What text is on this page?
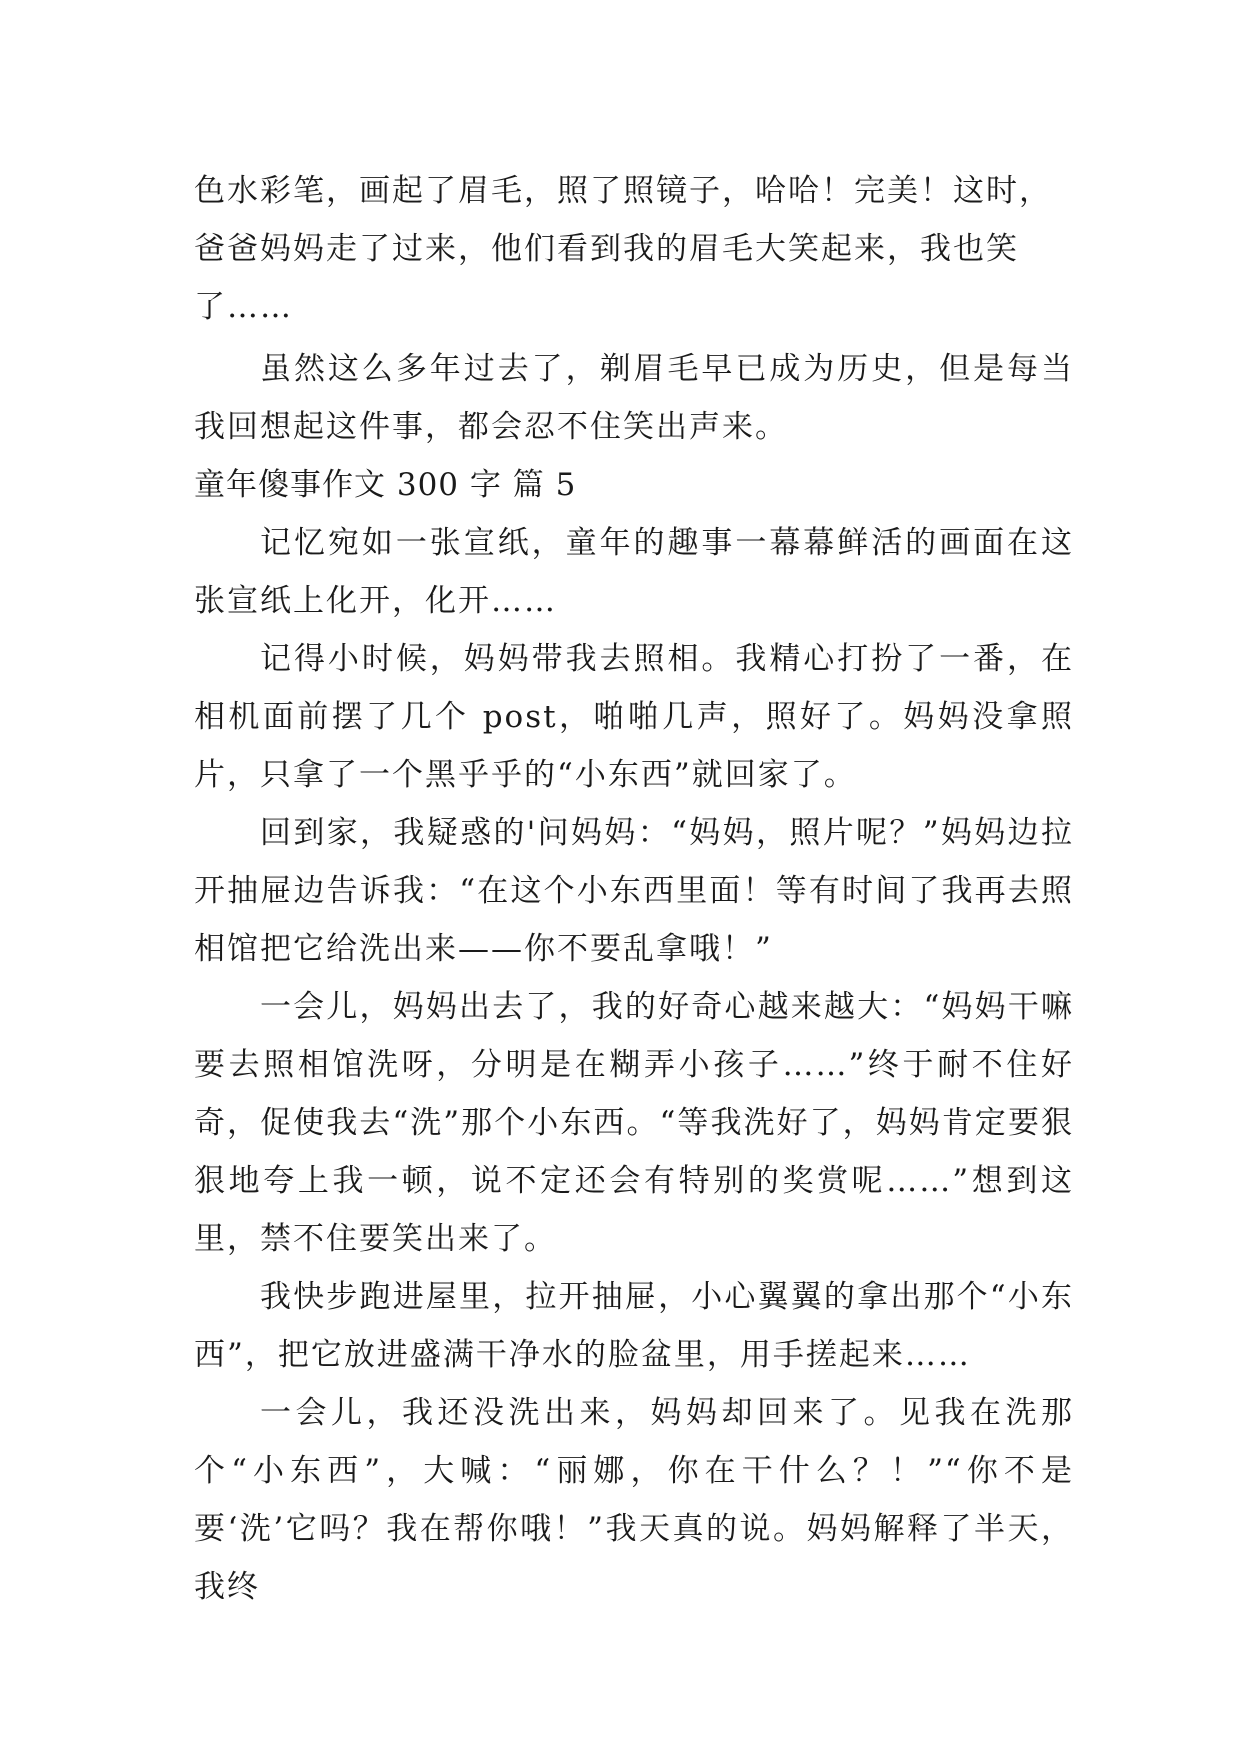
色水彩笔，画起了眉毛，照了照镜子，哈哈！完美！这时，

爸爸妈妈走了过来，他们看到我的眉毛大笑起来，我也笑

了……

虽然这么多年过去了，剃眉毛早已成为历史，但是每当我回想起这件事，都会忍不住笑出声来。

童年傻事作文 300 字 篇 5

记忆宛如一张宣纸，童年的趣事一幕幕鲜活的画面在这张宣纸上化开，化开……

记得小时候，妈妈带我去照相。我精心打扮了一番，在相机面前摆了几个 post，啪啪几声，照好了。妈妈没拿照片，只拿了一个黑乎乎的“小东西”就回家了。

回到家，我疑惑的'问妈妈：“妈妈，照片呢？”妈妈边拉开抽屉边告诉我：“在这个小东西里面！等有时间了我再去照相馆把它给洗出来——你不要乱拿哦！”

一会儿，妈妈出去了，我的好奇心越来越大：“妈妈干嘛要去照相馆洗呀，分明是在糊弄小孩子……”终于耐不住好奇，促使我去“洗”那个小东西。“等我洗好了，妈妈肯定要狠狠地夸上我一顿，说不定还会有特别的奖赏呢……”想到这里，禁不住要笑出来了。

我快步跑进屋里，拉开抽屉，小心翼翼的拿出那个“小东西”，把它放进盛满干净水的脸盆里，用手搓起来……

一会儿，我还没洗出来，妈妈却回来了。见我在洗那个“小东西”，大喊：“丽娜，你在干什么？！”“你不是要‘洗’它吗？我在帮你哦！”我天真的说。妈妈解释了半天，我终
